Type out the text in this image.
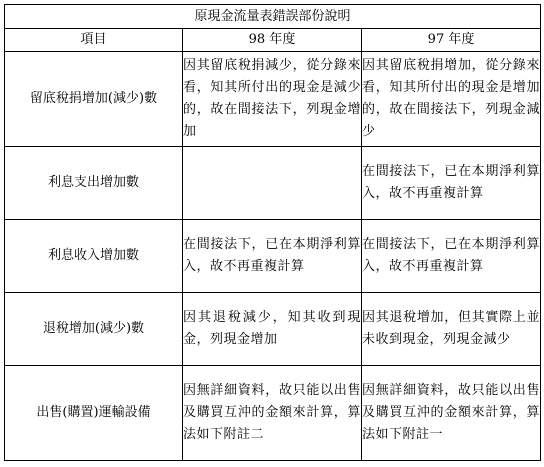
原現金流量表錯誤部份說明		
項目	98 年度	97 年度
留底稅捐增加(減少)數	因其留底稅捐減少，從分錄來看，知其所付出的現金是減少的，故在間接法下，列現金增加	因其留底稅捐增加，從分錄來看，知其所付出的現金是增加的，故在間接法下，列現金減少
利息支出增加數		在間接法下，已在本期淨利算入，故不再重複計算
利息收入增加數	在間接法下，已在本期淨利算入，故不再重複計算	在間接法下，已在本期淨利算入，故不再重複計算
退稅增加(減少)數	因其退稅減少，知其收到現金，列現金增加	因其退稅增加，但其實際上並未收到現金，列現金減少
出售(購置)運輸設備	因無詳細資料，故只能以出售及購買互沖的金額來計算，算法如下附註二	因無詳細資料，故只能以出售及購買互沖的金額來計算，算法如下附註一
